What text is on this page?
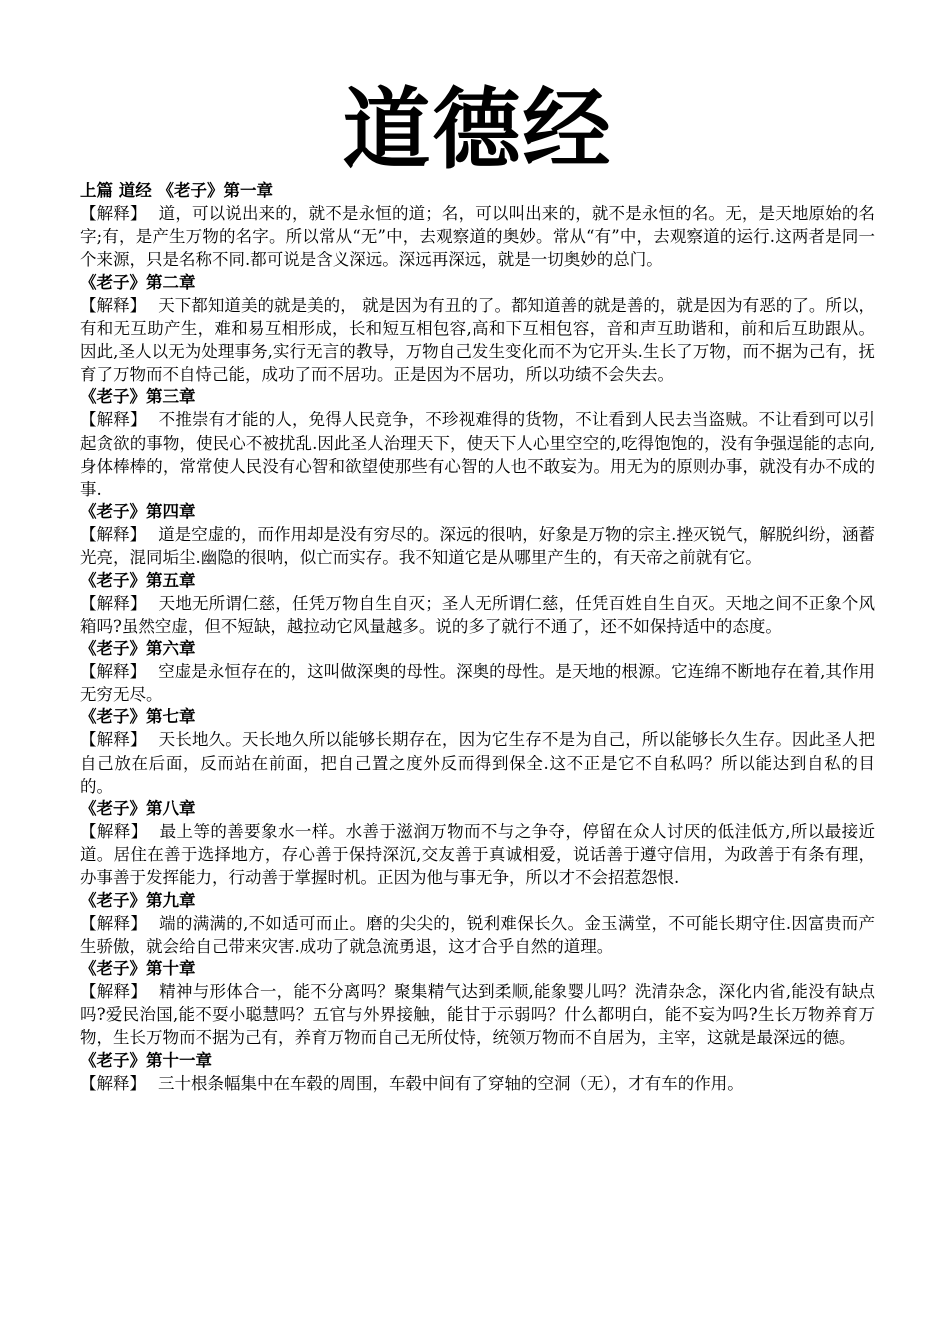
道德经
上篇 道经 《老子》第一章

【解释】 道，可以说出来的，就不是永恒的道；名，可以叫出来的，就不是永恒的名。无，是天地原始的名字;有，是产生万物的名字。所以常从“无”中，去观察道的奥妙。常从“有”中，去观察道的运行.这两者是同一个来源，只是名称不同.都可说是含义深远。深远再深远，就是一切奥妙的总门。

《老子》第二章

【解释】 天下都知道美的就是美的， 就是因为有丑的了。都知道善的就是善的，就是因为有恶的了。所以，有和无互助产生，难和易互相形成，长和短互相包容,高和下互相包容，音和声互助谐和，前和后互助跟从。因此,圣人以无为处理事务,实行无言的教导，万物自己发生变化而不为它开头.生长了万物，而不据为己有，抚育了万物而不自恃己能，成功了而不居功。正是因为不居功，所以功绩不会失去。

《老子》第三章

【解释】 不推崇有才能的人，免得人民竞争，不珍视难得的货物，不让看到人民去当盗贼。不让看到可以引起贪欲的事物，使民心不被扰乱.因此圣人治理天下，使天下人心里空空的,吃得饱饱的，没有争强逞能的志向,身体棒棒的，常常使人民没有心智和欲望使那些有心智的人也不敢妄为。用无为的原则办事，就没有办不成的事.

《老子》第四章

【解释】 道是空虚的，而作用却是没有穷尽的。深远的很呐，好象是万物的宗主.挫灭锐气，解脱纠纷，涵蓄光亮，混同垢尘.幽隐的很呐，似亡而实存。我不知道它是从哪里产生的，有天帝之前就有它。

《老子》第五章

【解释】 天地无所谓仁慈，任凭万物自生自灭；圣人无所谓仁慈，任凭百姓自生自灭。天地之间不正象个风箱吗?虽然空虚，但不短缺，越拉动它风量越多。说的多了就行不通了，还不如保持适中的态度。

《老子》第六章

【解释】 空虚是永恒存在的，这叫做深奥的母性。深奥的母性。是天地的根源。它连绵不断地存在着,其作用无穷无尽。

《老子》第七章

【解释】 天长地久。天长地久所以能够长期存在，因为它生存不是为自己，所以能够长久生存。因此圣人把自己放在后面，反而站在前面，把自己置之度外反而得到保全.这不正是它不自私吗？所以能达到自私的目的。

《老子》第八章

【解释】 最上等的善要象水一样。水善于滋润万物而不与之争夺，停留在众人讨厌的低洼低方,所以最接近道。居住在善于选择地方，存心善于保持深沉,交友善于真诚相爱，说话善于遵守信用，为政善于有条有理，办事善于发挥能力，行动善于掌握时机。正因为他与事无争，所以才不会招惹怨恨.

《老子》第九章

【解释】 端的满满的,不如适可而止。磨的尖尖的，锐利难保长久。金玉满堂，不可能长期守住.因富贵而产生骄傲，就会给自己带来灾害.成功了就急流勇退，这才合乎自然的道理。

《老子》第十章

【解释】 精神与形体合一，能不分离吗？聚集精气达到柔顺,能象婴儿吗？洗清杂念，深化内省,能没有缺点吗?爱民治国,能不耍小聪慧吗？五官与外界接触，能甘于示弱吗？什么都明白，能不妄为吗?生长万物养育万物，生长万物而不据为己有，养育万物而自己无所仗恃，统领万物而不自居为，主宰，这就是最深远的德。

《老子》第十一章

【解释】 三十根条幅集中在车毂的周围，车毂中间有了穿轴的空洞（无），才有车的作用。
